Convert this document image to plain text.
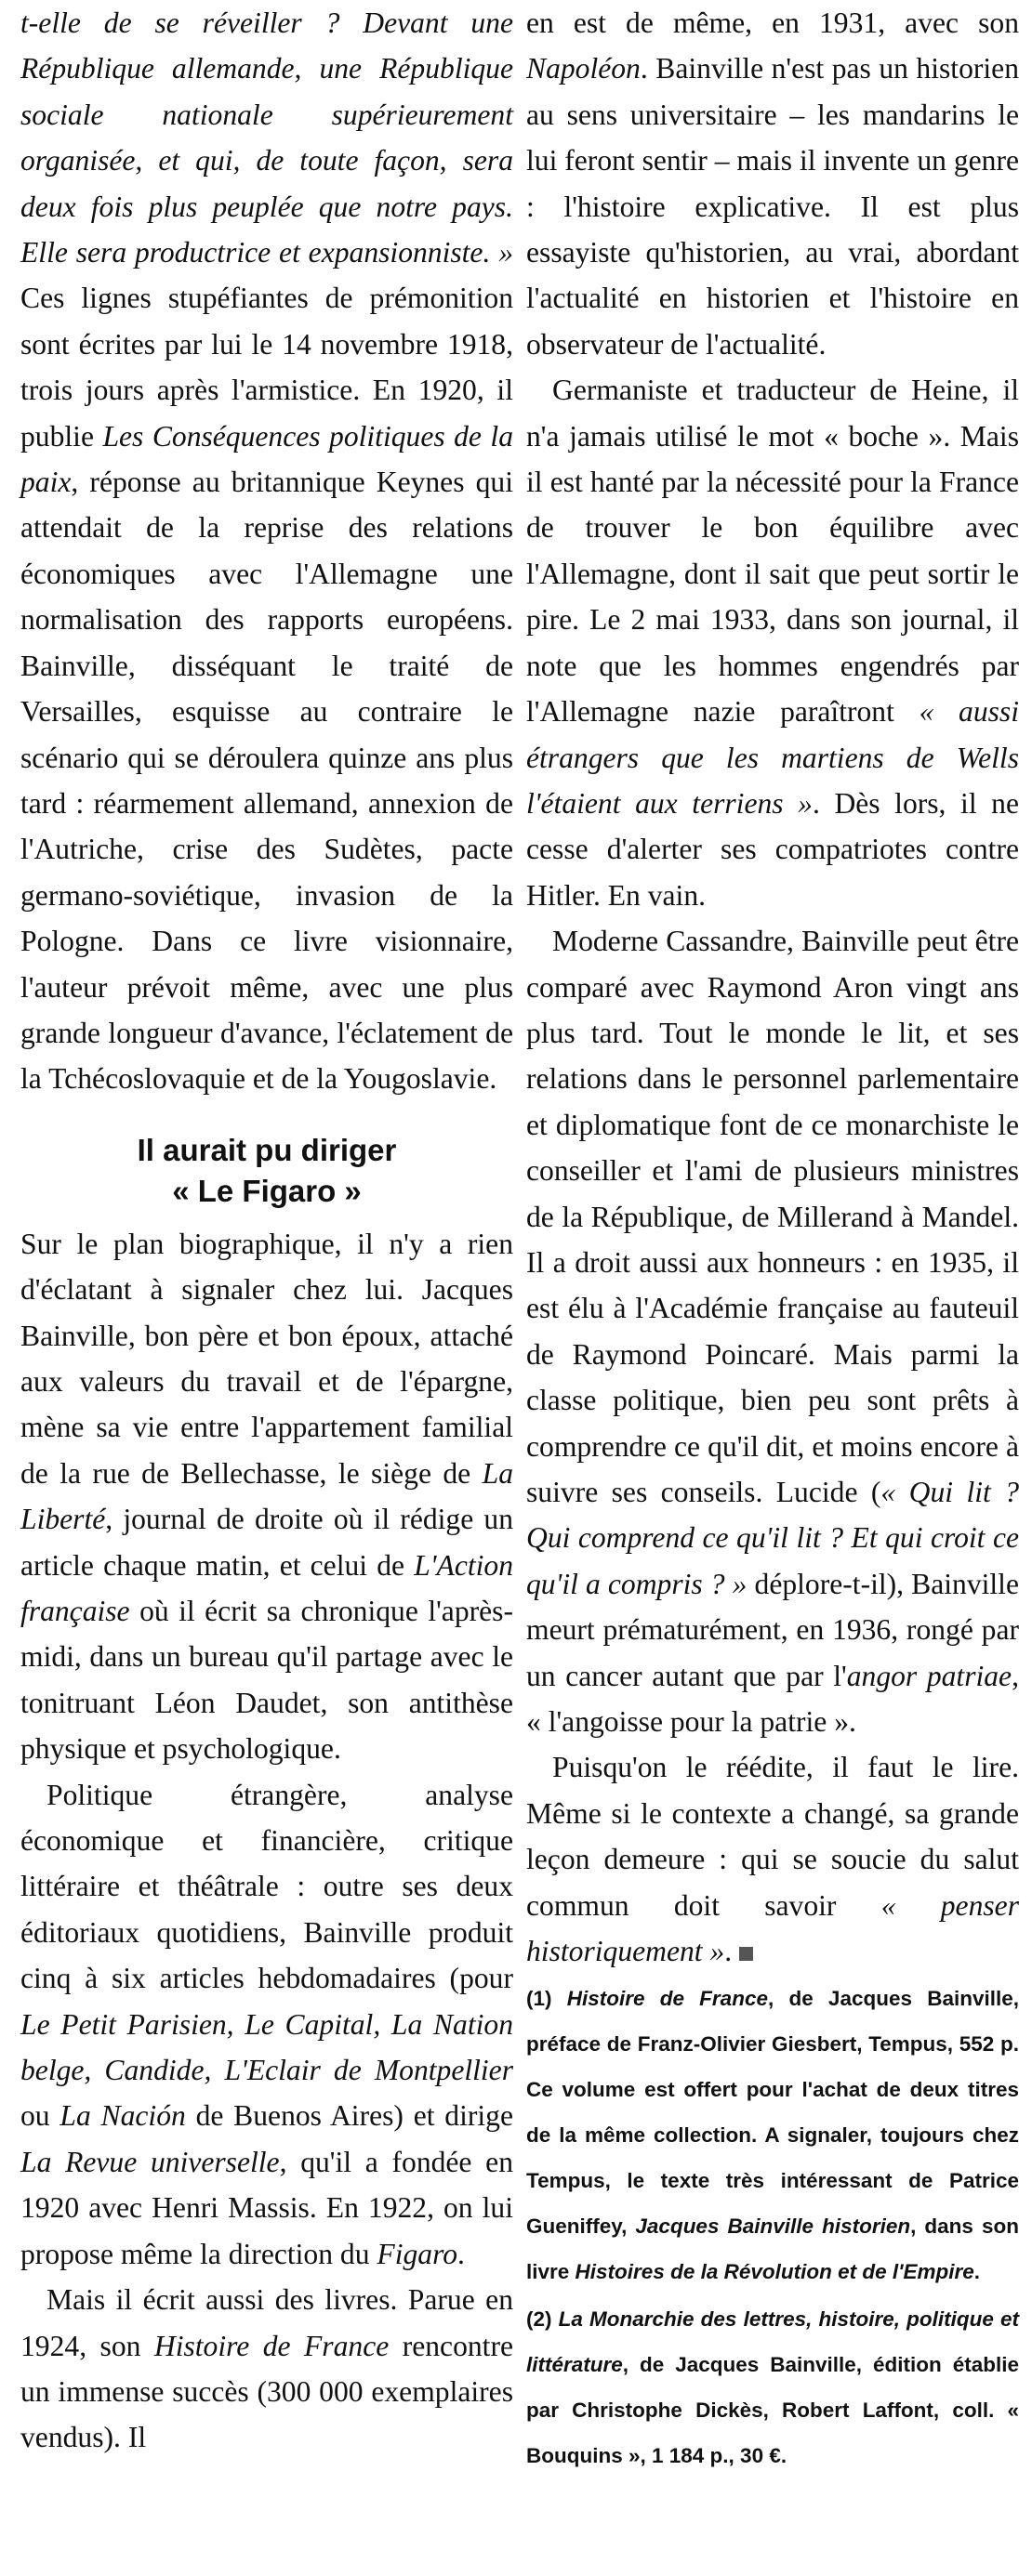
t-elle de se réveiller ? Devant une République allemande, une République sociale nationale supérieurement organisée, et qui, de toute façon, sera deux fois plus peuplée que notre pays. Elle sera productrice et expansionniste. » Ces lignes stupéfiantes de prémonition sont écrites par lui le 14 novembre 1918, trois jours après l'armistice. En 1920, il publie Les Conséquences politiques de la paix, réponse au britannique Keynes qui attendait de la reprise des relations économiques avec l'Allemagne une normalisation des rapports européens. Bainville, disséquant le traité de Versailles, esquisse au contraire le scénario qui se déroulera quinze ans plus tard : réarmement allemand, annexion de l'Autriche, crise des Sudètes, pacte germano-soviétique, invasion de la Pologne. Dans ce livre visionnaire, l'auteur prévoit même, avec une plus grande longueur d'avance, l'éclatement de la Tchécoslovaquie et de la Yougoslavie.

Il aurait pu diriger
« Le Figaro »

Sur le plan biographique, il n'y a rien d'éclatant à signaler chez lui. Jacques Bainville, bon père et bon époux, attaché aux valeurs du travail et de l'épargne, mène sa vie entre l'appartement familial de la rue de Bellechasse, le siège de La Liberté, journal de droite où il rédige un article chaque matin, et celui de L'Action française où il écrit sa chronique l'après-midi, dans un bureau qu'il partage avec le tonitruant Léon Daudet, son antithèse physique et psychologique.

Politique étrangère, analyse économique et financière, critique littéraire et théâtrale : outre ses deux éditoriaux quotidiens, Bainville produit cinq à six articles hebdomadaires (pour Le Petit Parisien, Le Capital, La Nation belge, Candide, L'Eclair de Montpellier ou La Nación de Buenos Aires) et dirige La Revue universelle, qu'il a fondée en 1920 avec Henri Massis. En 1922, on lui propose même la direction du Figaro.

Mais il écrit aussi des livres. Parue en 1924, son Histoire de France rencontre un immense succès (300 000 exemplaires vendus). Il

en est de même, en 1931, avec son Napoléon. Bainville n'est pas un historien au sens universitaire – les mandarins le lui feront sentir – mais il invente un genre : l'histoire explicative. Il est plus essayiste qu'historien, au vrai, abordant l'actualité en historien et l'histoire en observateur de l'actualité.

Germaniste et traducteur de Heine, il n'a jamais utilisé le mot « boche ». Mais il est hanté par la nécessité pour la France de trouver le bon équilibre avec l'Allemagne, dont il sait que peut sortir le pire. Le 2 mai 1933, dans son journal, il note que les hommes engendrés par l'Allemagne nazie paraîtront « aussi étrangers que les martiens de Wells l'étaient aux terriens ». Dès lors, il ne cesse d'alerter ses compatriotes contre Hitler. En vain.

Moderne Cassandre, Bainville peut être comparé avec Raymond Aron vingt ans plus tard. Tout le monde le lit, et ses relations dans le personnel parlementaire et diplomatique font de ce monarchiste le conseiller et l'ami de plusieurs ministres de la République, de Millerand à Mandel. Il a droit aussi aux honneurs : en 1935, il est élu à l'Académie française au fauteuil de Raymond Poincaré. Mais parmi la classe politique, bien peu sont prêts à comprendre ce qu'il dit, et moins encore à suivre ses conseils. Lucide (« Qui lit ? Qui comprend ce qu'il lit ? Et qui croit ce qu'il a compris ? » déplore-t-il), Bainville meurt prématurément, en 1936, rongé par un cancer autant que par l'angor patriae, « l'angoisse pour la patrie ».

Puisqu'on le réédite, il faut le lire. Même si le contexte a changé, sa grande leçon demeure : qui se soucie du salut commun doit savoir « penser historiquement ».

(1) Histoire de France, de Jacques Bainville, préface de Franz-Olivier Giesbert, Tempus, 552 p. Ce volume est offert pour l'achat de deux titres de la même collection. A signaler, toujours chez Tempus, le texte très intéressant de Patrice Gueniffey, Jacques Bainville historien, dans son livre Histoires de la Révolution et de l'Empire.

(2) La Monarchie des lettres, histoire, politique et littérature, de Jacques Bainville, édition établie par Christophe Dickès, Robert Laffont, coll. « Bouquins », 1 184 p., 30 €.
